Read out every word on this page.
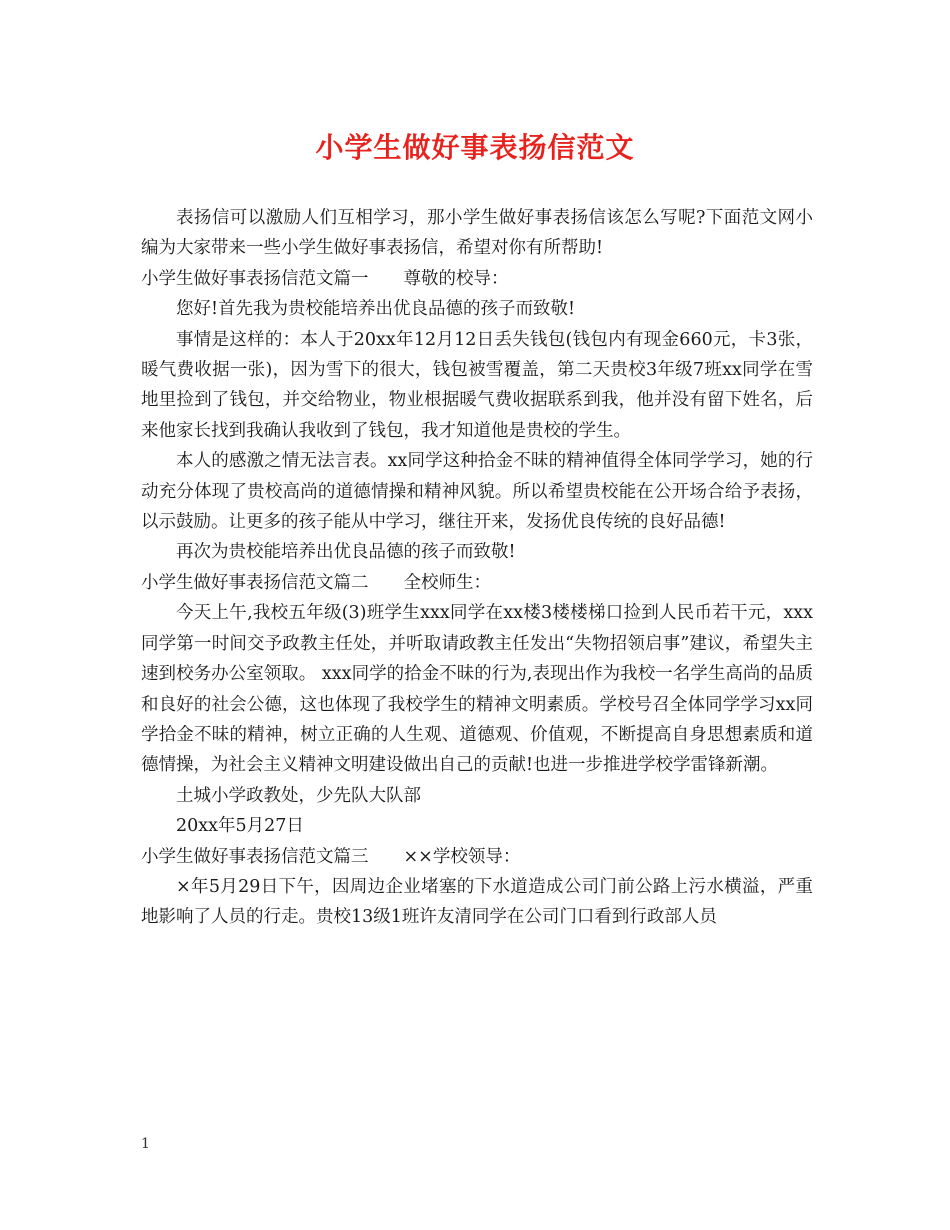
小学生做好事表扬信范文

表扬信可以激励人们互相学习，那小学生做好事表扬信该怎么写呢?下面范文网小编为大家带来一些小学生做好事表扬信，希望对你有所帮助!

小学生做好事表扬信范文篇一　　尊敬的校导：

您好!首先我为贵校能培养出优良品德的孩子而致敬!

事情是这样的：本人于20xx年12月12日丢失钱包(钱包内有现金660元，卡3张，暖气费收据一张)，因为雪下的很大，钱包被雪覆盖，第二天贵校3年级7班xx同学在雪地里捡到了钱包，并交给物业，物业根据暖气费收据联系到我，他并没有留下姓名，后来他家长找到我确认我收到了钱包，我才知道他是贵校的学生。

本人的感激之情无法言表。xx同学这种拾金不昧的精神值得全体同学学习，她的行动充分体现了贵校高尚的道德情操和精神风貌。所以希望贵校能在公开场合给予表扬，以示鼓励。让更多的孩子能从中学习，继往开来，发扬优良传统的良好品德!

再次为贵校能培养出优良品德的孩子而致敬!

小学生做好事表扬信范文篇二　　全校师生：

今天上午,我校五年级(3)班学生xxx同学在xx楼3楼楼梯口捡到人民币若干元，xxx同学第一时间交予政教主任处，并听取请政教主任发出“失物招领启事”建议，希望失主速到校务办公室领取。 xxx同学的拾金不昧的行为,表现出作为我校一名学生高尚的品质和良好的社会公德，这也体现了我校学生的精神文明素质。学校号召全体同学学习xx同学拾金不昧的精神，树立正确的人生观、道德观、价值观，不断提高自身思想素质和道德情操，为社会主义精神文明建设做出自己的贡献!也进一步推进学校学雷锋新潮。

土城小学政教处，少先队大队部

20xx年5月27日

小学生做好事表扬信范文篇三　　××学校领导：

×年5月29日下午，因周边企业堵塞的下水道造成公司门前公路上污水横溢，严重地影响了人员的行走。贵校13级1班许友清同学在公司门口看到行政部人员

1
